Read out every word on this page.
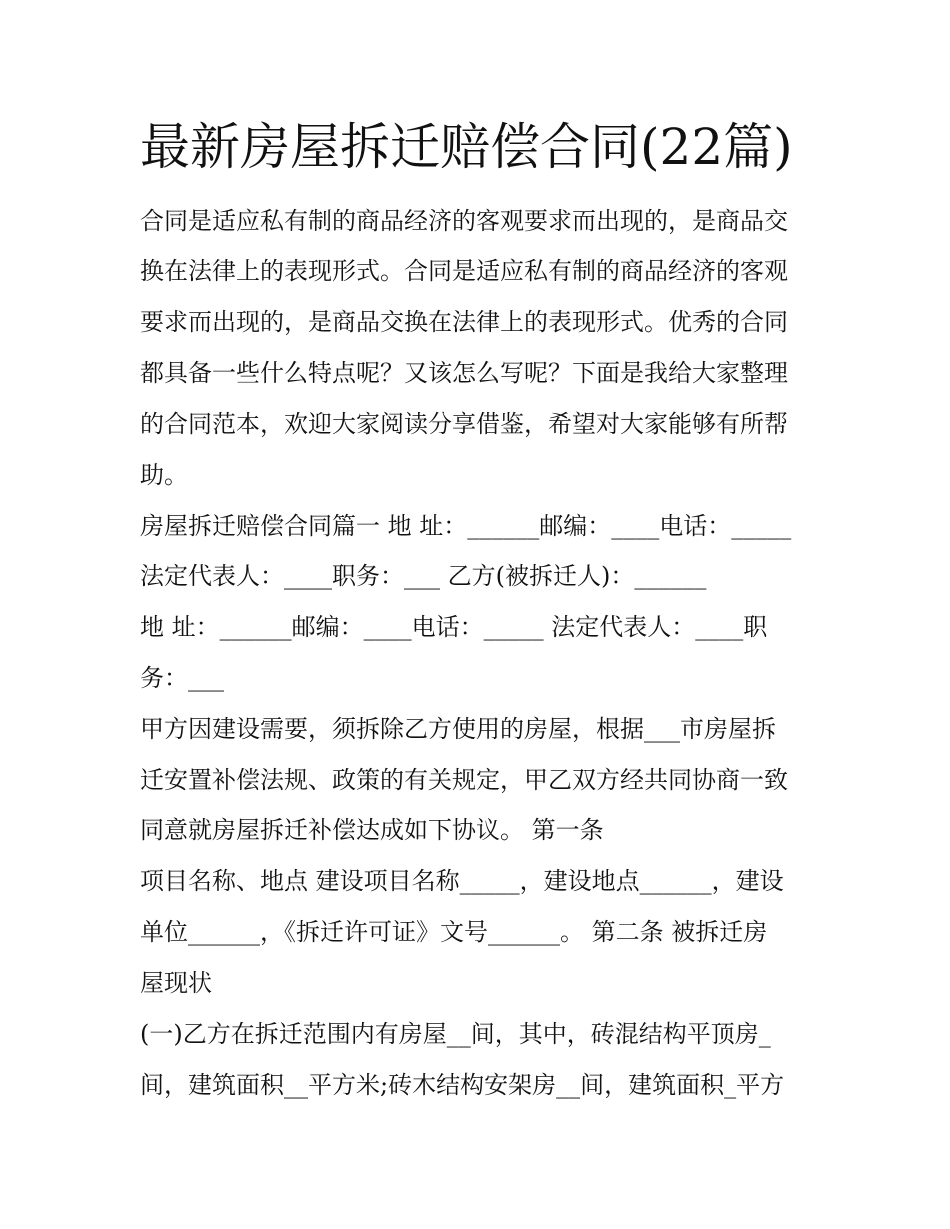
最新房屋拆迁赔偿合同(22篇)

合同是适应私有制的商品经济的客观要求而出现的，是商品交

换在法律上的表现形式。合同是适应私有制的商品经济的客观

要求而出现的，是商品交换在法律上的表现形式。优秀的合同

都具备一些什么特点呢？又该怎么写呢？下面是我给大家整理

的合同范本，欢迎大家阅读分享借鉴，希望对大家能够有所帮

助。

房屋拆迁赔偿合同篇一 地 址：______邮编：____电话：_____

法定代表人：____职务：___ 乙方(被拆迁人)：______

地 址：______邮编：____电话：_____ 法定代表人：____职

务：___

甲方因建设需要，须拆除乙方使用的房屋，根据___市房屋拆

迁安置补偿法规、政策的有关规定，甲乙双方经共同协商一致

同意就房屋拆迁补偿达成如下协议。 第一条

项目名称、地点 建设项目名称_____，建设地点______，建设

单位______，《拆迁许可证》文号______。 第二条 被拆迁房

屋现状

(一)乙方在拆迁范围内有房屋__间，其中，砖混结构平顶房_

间，建筑面积__平方米;砖木结构安架房__间，建筑面积_平方
